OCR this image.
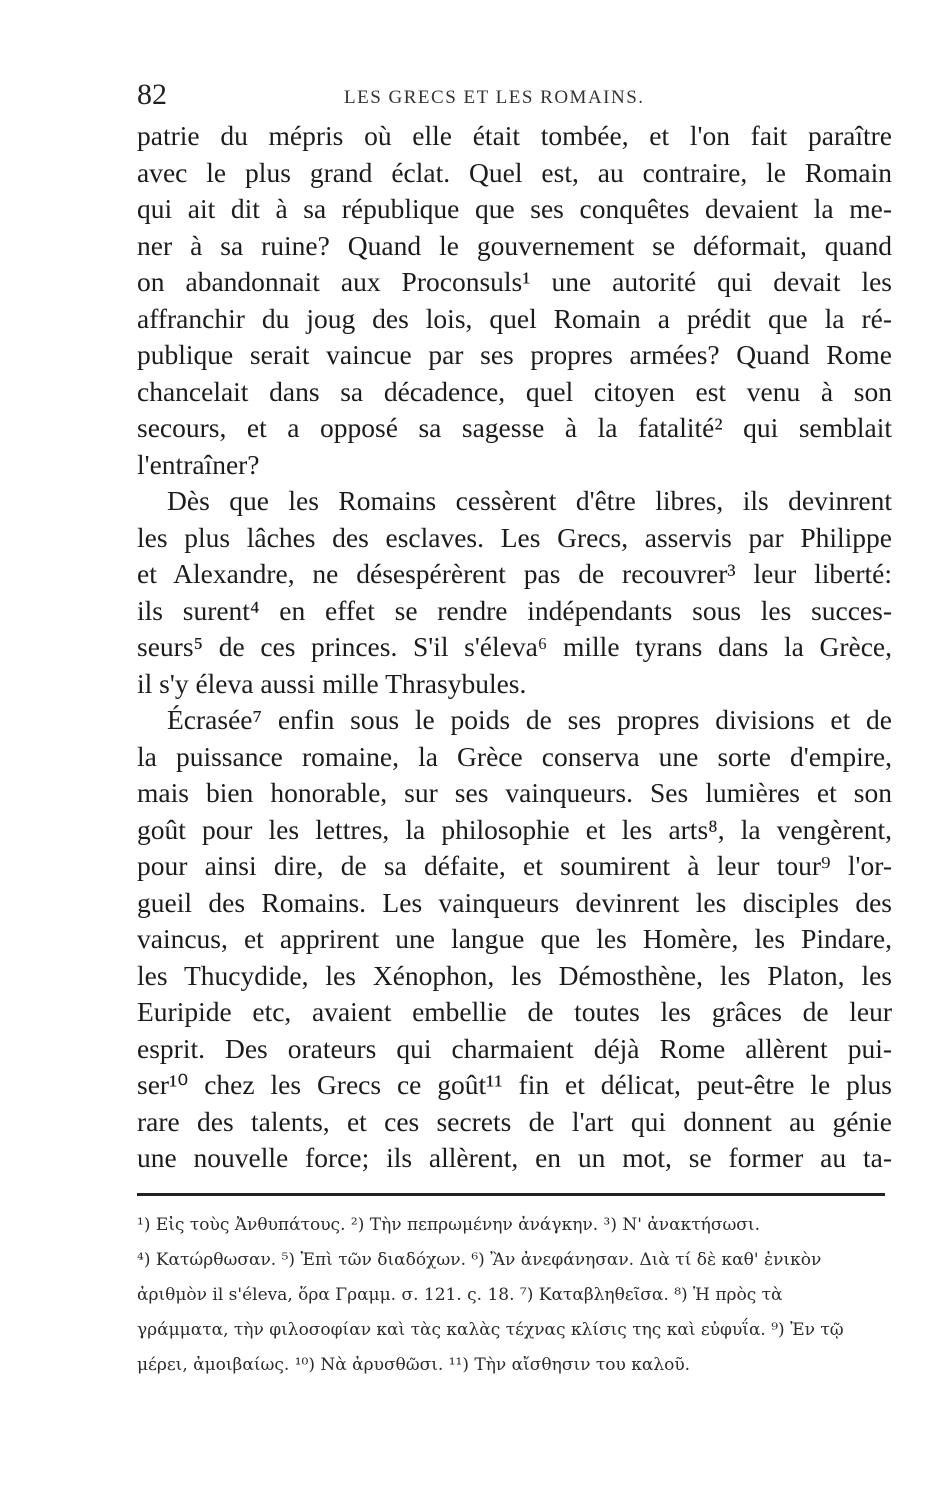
82	LES GRECS ET LES ROMAINS.
patrie du mépris où elle était tombée, et l'on fait paraître
avec le plus grand éclat. Quel est, au contraire, le Romain
qui ait dit à sa république que ses conquêtes devaient la me-
ner à sa ruine? Quand le gouvernement se déformait, quand
on abandonnait aux Proconsuls¹ une autorité qui devait les
affranchir du joug des lois, quel Romain a prédit que la ré-
publique serait vaincue par ses propres armées? Quand Rome
chancelait dans sa décadence, quel citoyen est venu à son
secours, et a opposé sa sagesse à la fatalité² qui semblait
l'entraîner?
Dès que les Romains cessèrent d'être libres, ils devinrent
les plus lâches des esclaves. Les Grecs, asservis par Philippe
et Alexandre, ne désespérèrent pas de recouvrer³ leur liberté:
ils surent⁴ en effet se rendre indépendants sous les succes-
seurs⁵ de ces princes. S'il s'éleva⁶ mille tyrans dans la Grèce,
il s'y éleva aussi mille Thrasybules.
Écrasée⁷ enfin sous le poids de ses propres divisions et de
la puissance romaine, la Grèce conserva une sorte d'empire,
mais bien honorable, sur ses vainqueurs. Ses lumières et son
goût pour les lettres, la philosophie et les arts⁸, la vengèrent,
pour ainsi dire, de sa défaite, et soumirent à leur tour⁹ l'or-
gueil des Romains. Les vainqueurs devinrent les disciples des
vaincus, et apprirent une langue que les Homère, les Pindare,
les Thucydide, les Xénophon, les Démosthène, les Platon, les
Euripide etc, avaient embellie de toutes les grâces de leur
esprit. Des orateurs qui charmaient déjà Rome allèrent pui-
ser¹⁰ chez les Grecs ce goût¹¹ fin et délicat, peut-être le plus
rare des talents, et ces secrets de l'art qui donnent au génie
une nouvelle force; ils allèrent, en un mot, se former au ta-
¹) Εἰς τοὺς Ἀνθυπάτους. ²) Τὴν πεπρωμένην ἀνάγκην. ³) Ν' ἀνακτήσωσι.
⁴) Κατώρθωσαν. ⁵) Ἐπὶ τῶν διαδόχων. ⁶) Ἂν ἀνεφάνησαν. Διὰ τί δὲ καθ' ἑνικὸν
ἀριθμὸν il s'éleva, ὅρα Γραμμ. σ. 121. ς. 18. ⁷) Καταβληθεῖσα. ⁸) Ἡ πρὸς τὰ
γράμματα, τὴν φιλοσοφίαν καὶ τὰς καλὰς τέχνας κλίσις της καὶ εὐφυΐα. ⁹) Ἐν τῷ
μέρει, ἀμοιβαίως. ¹⁰) Νὰ ἀρυσθῶσι. ¹¹) Τὴν αἴσθησιν του καλοῦ.
